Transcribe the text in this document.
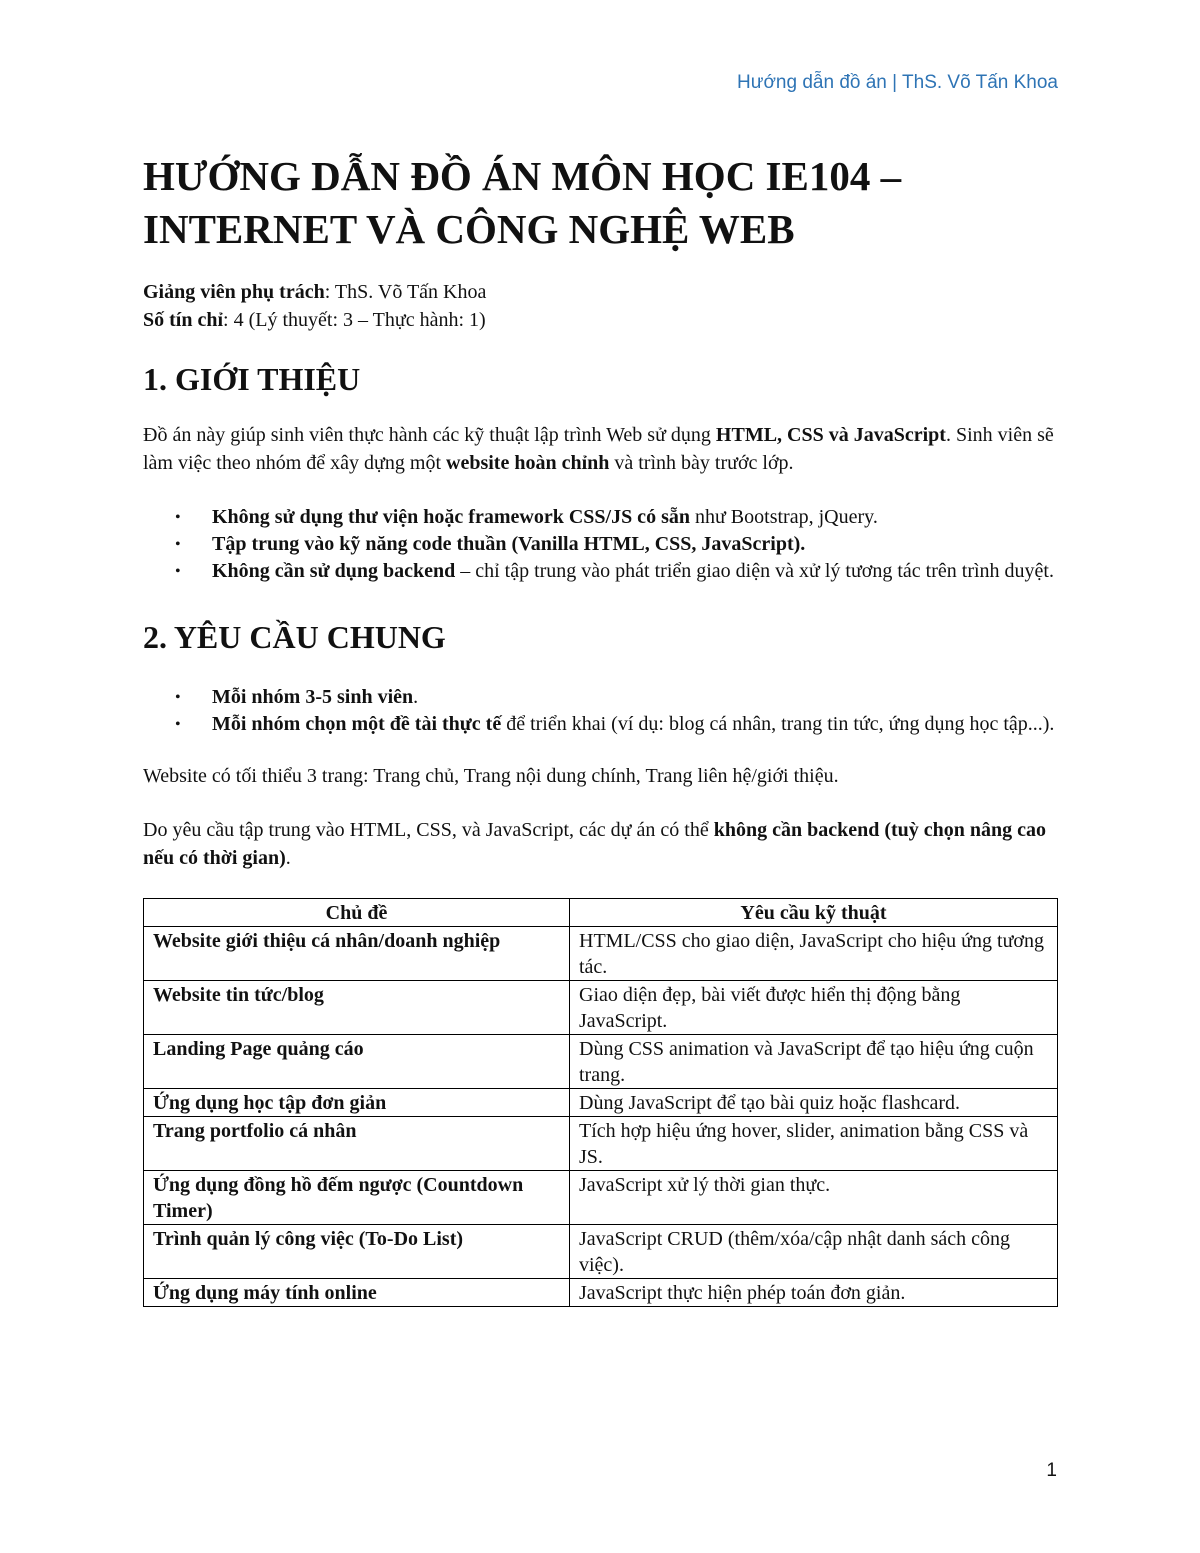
Hướng dẫn đồ án | ThS. Võ Tấn Khoa
HƯỚNG DẪN ĐỒ ÁN MÔN HỌC IE104 –
INTERNET VÀ CÔNG NGHỆ WEB

Giảng viên phụ trách: ThS. Võ Tấn Khoa

Số tín chỉ: 4 (Lý thuyết: 3 – Thực hành: 1)

1. GIỚI THIỆU

Đồ án này giúp sinh viên thực hành các kỹ thuật lập trình Web sử dụng HTML, CSS và JavaScript. Sinh viên sẽ làm việc theo nhóm để xây dựng một website hoàn chỉnh và trình bày trước lớp.

• Không sử dụng thư viện hoặc framework CSS/JS có sẵn như Bootstrap, jQuery.
• Tập trung vào kỹ năng code thuần (Vanilla HTML, CSS, JavaScript).
• Không cần sử dụng backend – chỉ tập trung vào phát triển giao diện và xử lý tương tác trên trình duyệt.
2. YÊU CẦU CHUNG
• Mỗi nhóm 3-5 sinh viên.
• Mỗi nhóm chọn một đề tài thực tế để triển khai (ví dụ: blog cá nhân, trang tin tức, ứng dụng học tập...).

Website có tối thiểu 3 trang: Trang chủ, Trang nội dung chính, Trang liên hệ/giới thiệu.

Do yêu cầu tập trung vào HTML, CSS, và JavaScript, các dự án có thể không cần backend (tuỳ chọn nâng cao nếu có thời gian).

Chủ đề	Yêu cầu kỹ thuật
Website giới thiệu cá nhân/doanh nghiệp	HTML/CSS cho giao diện, JavaScript cho hiệu ứng tương tác.
Website tin tức/blog	Giao diện đẹp, bài viết được hiển thị động bằng JavaScript.
Landing Page quảng cáo	Dùng CSS animation và JavaScript để tạo hiệu ứng cuộn trang.
Ứng dụng học tập đơn giản	Dùng JavaScript để tạo bài quiz hoặc flashcard.
Trang portfolio cá nhân	Tích hợp hiệu ứng hover, slider, animation bằng CSS và JS.
Ứng dụng đồng hồ đếm ngược (Countdown Timer)	JavaScript xử lý thời gian thực.
Trình quản lý công việc (To-Do List)	JavaScript CRUD (thêm/xóa/cập nhật danh sách công việc).
Ứng dụng máy tính online	JavaScript thực hiện phép toán đơn giản.
1
